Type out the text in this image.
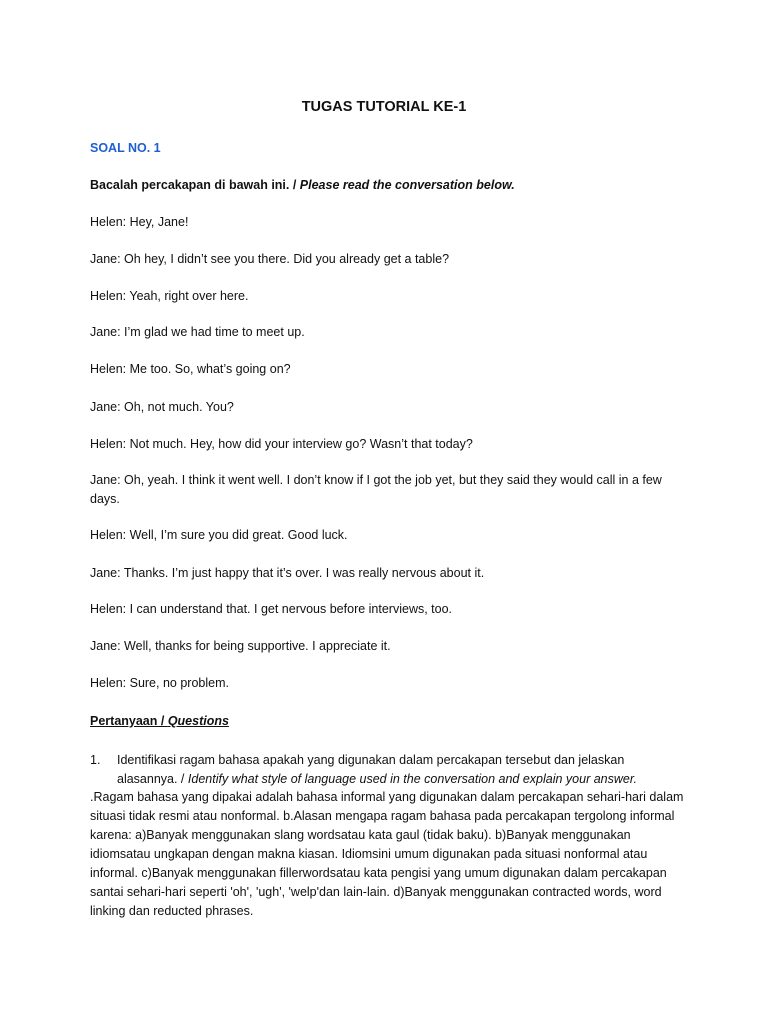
TUGAS TUTORIAL KE-1
SOAL NO. 1
Bacalah percakapan di bawah ini. / Please read the conversation below.
Helen: Hey, Jane!
Jane: Oh hey, I didn’t see you there. Did you already get a table?
Helen: Yeah, right over here.
Jane: I’m glad we had time to meet up.
Helen: Me too. So, what’s going on?
Jane: Oh, not much. You?
Helen: Not much. Hey, how did your interview go? Wasn’t that today?
Jane: Oh, yeah. I think it went well. I don’t know if I got the job yet, but they said they would call in a few days.
Helen: Well, I’m sure you did great. Good luck.
Jane: Thanks. I’m just happy that it’s over. I was really nervous about it.
Helen: I can understand that. I get nervous before interviews, too.
Jane: Well, thanks for being supportive. I appreciate it.
Helen: Sure, no problem.
Pertanyaan / Questions
1.	Identifikasi ragam bahasa apakah yang digunakan dalam percakapan tersebut dan jelaskan alasannya. / Identify what style of language used in the conversation and explain your answer.
.Ragam bahasa yang dipakai adalah bahasa informal yang digunakan dalam percakapan sehari-hari dalam situasi tidak resmi atau nonformal. b.Alasan mengapa ragam bahasa pada percakapan tergolong informal karena: a)Banyak menggunakan slang wordsatau kata gaul (tidak baku). b)Banyak menggunakan idiomsatau ungkapan dengan makna kiasan. Idiomsini umum digunakan pada situasi nonformal atau informal. c)Banyak menggunakan fillerwordsatau kata pengisi yang umum digunakan dalam percakapan santai sehari-hari seperti 'oh', 'ugh', 'welp'dan lain-lain. d)Banyak menggunakan contracted words, word linking dan reducted phrases.
